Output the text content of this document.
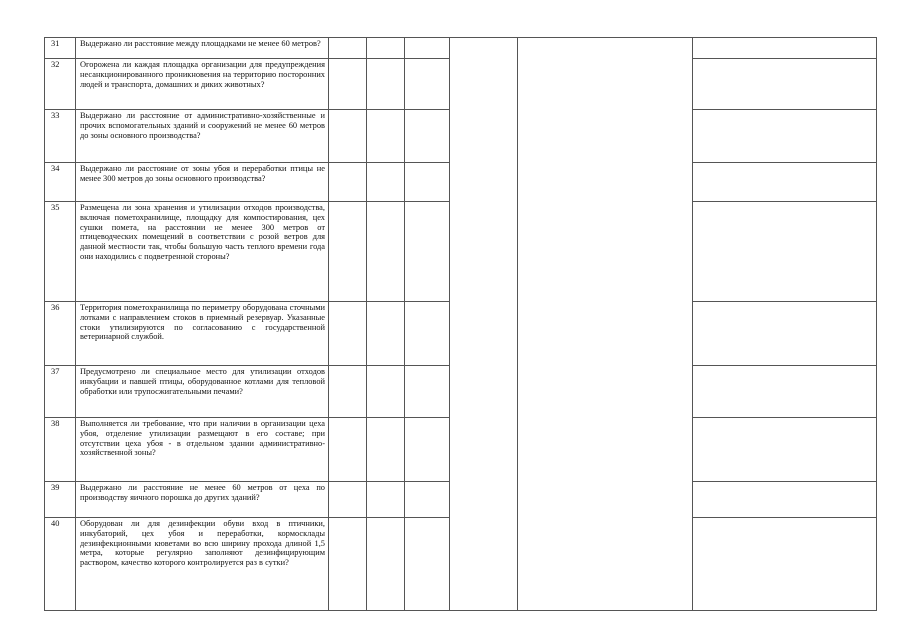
31	Выдержано ли расстояние между площадками не менее 60 метров?						
32	Огорожена ли каждая площадка организации для предупреждения несанкционированного проникновения на территорию посторонних людей и транспорта, домашних и диких животных?						
33	Выдержано ли расстояние от административно-хозяйственные и прочих вспомогательных зданий и сооружений не менее 60 метров до зоны основного производства?						
34	Выдержано ли расстояние от зоны убоя и переработки птицы не менее 300 метров до зоны основного производства?						
35	Размещена ли зона хранения и утилизации отходов производства, включая пометохранилище, площадку для компостирования, цех сушки помета, на расстоянии не менее 300 метров от птицеводческих помещений в соответствии с розой ветров для данной местности так, чтобы большую часть теплого времени года они находились с подветренной стороны?						
36	Территория пометохранилища по периметру оборудована сточными лотками с направлением стоков в приемный резервуар. Указанные стоки утилизируются по согласованию с государственной ветеринарной службой.						
37	Предусмотрено ли специальное место для утилизации отходов инкубации и павшей птицы, оборудованное котлами для тепловой обработки или трупосжигательными печами?						
38	Выполняется ли требование, что при наличии в организации цеха убоя, отделение утилизации размещают в его составе; при отсутствии цеха убоя - в отдельном здании административно-хозяйственной зоны?						
39	Выдержано ли расстояние не менее 60 метров от цеха по производству яичного порошка до других зданий?						
40	Оборудован ли для дезинфекции обуви вход в птичники, инкубаторий, цех убоя и переработки, кормосклады дезинфекционными кюветами во всю ширину прохода длиной 1,5 метра, которые регулярно заполняют дезинфицирующим раствором, качество которого контролируется раз в сутки?						
